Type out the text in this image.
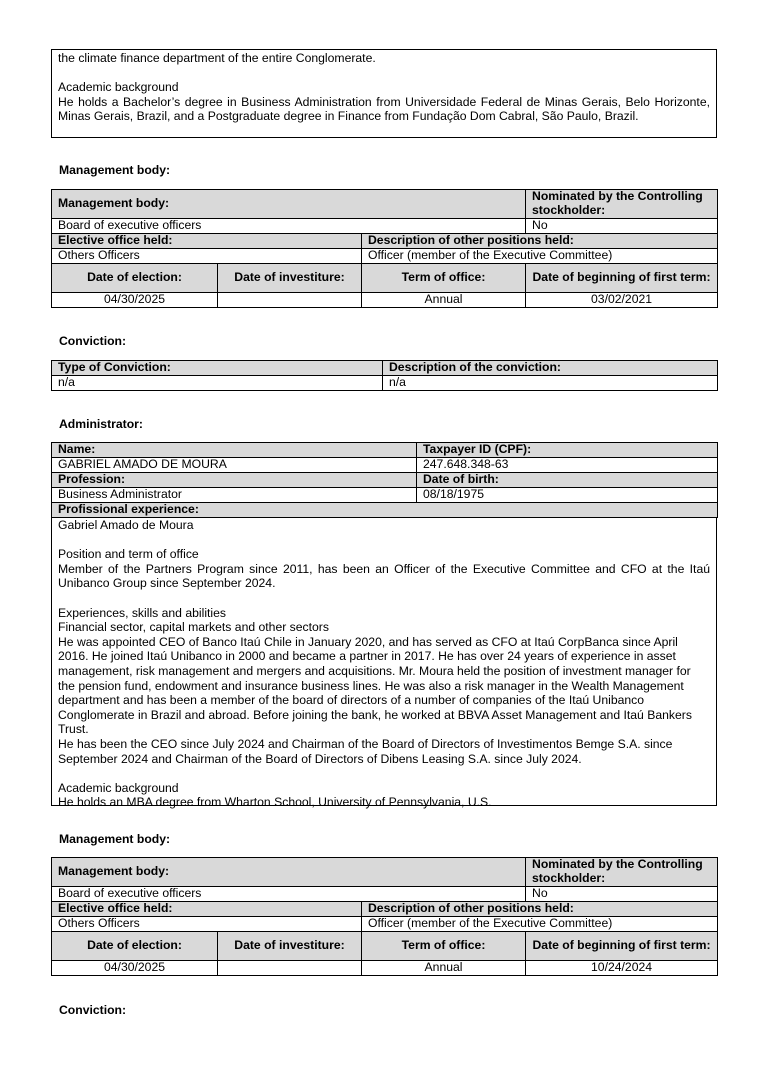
the climate finance department of the entire Conglomerate.

Academic background

He holds a Bachelor’s degree in Business Administration from Universidade Federal de Minas Gerais, Belo Horizonte, Minas Gerais, Brazil, and a Postgraduate degree in Finance from Fundação Dom Cabral, São Paulo, Brazil.

Management body:
Management body:			Nominated by the Controlling stockholder:
Board of executive officers			No
Elective office held:		Description of other positions held:	
Others Officers		Officer (member of the Executive Committee)	
Date of election:	Date of investiture:	Term of office:	Date of beginning of first term:
04/30/2025		Annual	03/02/2021
Conviction:
Type of Conviction:	Description of the conviction:
n/a	n/a
Administrator:
Name:	Taxpayer ID (CPF):
GABRIEL AMADO DE MOURA	247.648.348-63
Profession:	Date of birth:
Business Administrator	08/18/1975
Profissional experience:	

Gabriel Amado de Moura

Position and term of office

Member of the Partners Program since 2011, has been an Officer of the Executive Committee and CFO at the Itaú Unibanco Group since September 2024.

Experiences, skills and abilities

Financial sector, capital markets and other sectors

He was appointed CEO of Banco Itaú Chile in January 2020, and has served as CFO at Itaú CorpBanca since April 2016. He joined Itaú Unibanco in 2000 and became a partner in 2017. He has over 24 years of experience in asset management, risk management and mergers and acquisitions. Mr. Moura held the position of investment manager for the pension fund, endowment and insurance business lines. He was also a risk manager in the Wealth Management department and has been a member of the board of directors of a number of companies of the Itaú Unibanco Conglomerate in Brazil and abroad. Before joining the bank, he worked at BBVA Asset Management and Itaú Bankers Trust.

He has been the CEO since July 2024 and Chairman of the Board of Directors of Investimentos Bemge S.A. since September 2024 and Chairman of the Board of Directors of Dibens Leasing S.A. since July 2024.

Academic background

He holds an MBA degree from Wharton School, University of Pennsylvania, U.S.

Management body:
Management body:			Nominated by the Controlling stockholder:
Board of executive officers			No
Elective office held:		Description of other positions held:	
Others Officers		Officer (member of the Executive Committee)	
Date of election:	Date of investiture:	Term of office:	Date of beginning of first term:
04/30/2025		Annual	10/24/2024
Conviction:
